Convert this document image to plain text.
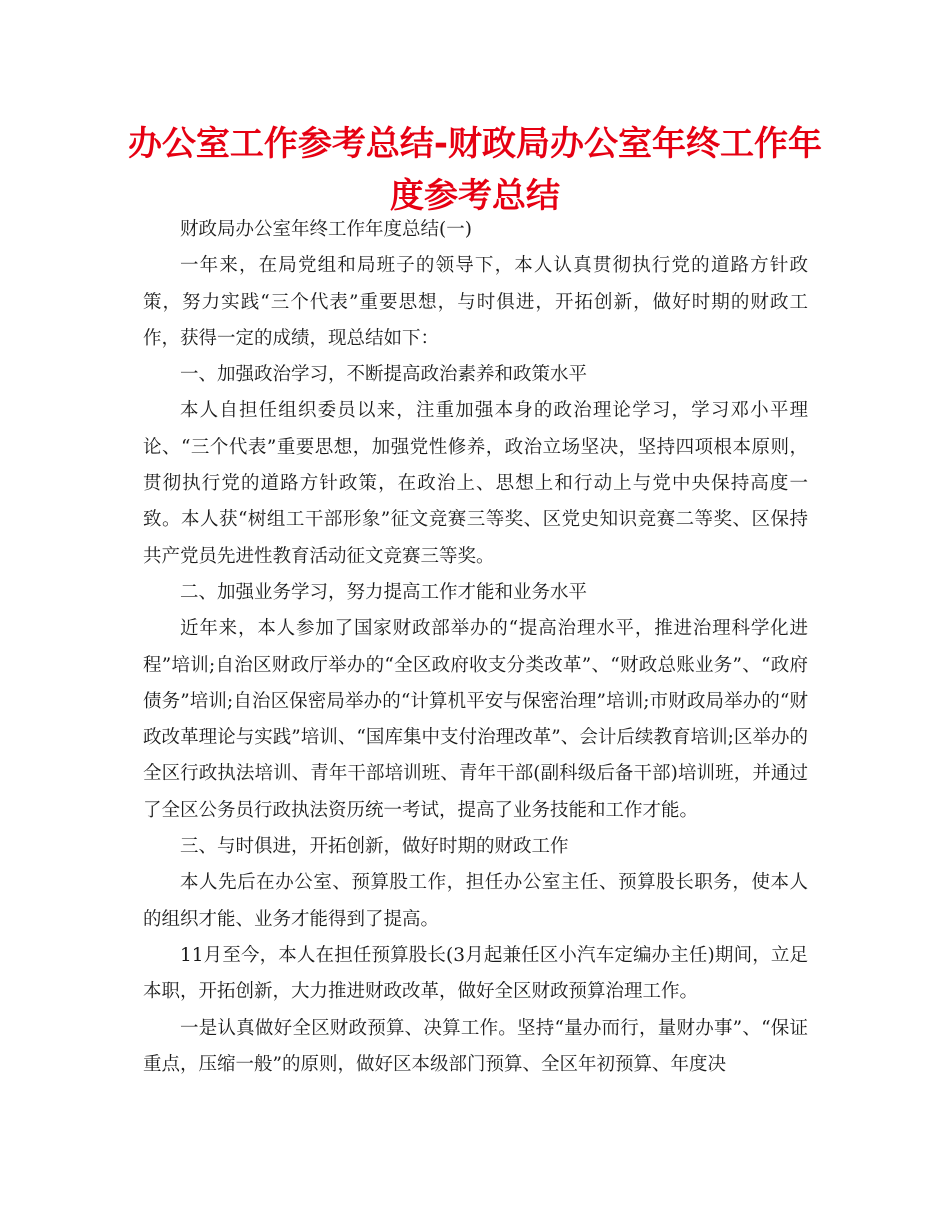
办公室工作参考总结-财政局办公室年终工作年度参考总结

财政局办公室年终工作年度总结(一)

一年来，在局党组和局班子的领导下，本人认真贯彻执行党的道路方针政策，努力实践“三个代表”重要思想，与时俱进，开拓创新，做好时期的财政工作，获得一定的成绩，现总结如下：

一、加强政治学习，不断提高政治素养和政策水平

本人自担任组织委员以来，注重加强本身的政治理论学习，学习邓小平理论、“三个代表”重要思想，加强党性修养，政治立场坚决，坚持四项根本原则，贯彻执行党的道路方针政策，在政治上、思想上和行动上与党中央保持高度一致。本人获“树组工干部形象”征文竞赛三等奖、区党史知识竞赛二等奖、区保持共产党员先进性教育活动征文竞赛三等奖。

二、加强业务学习，努力提高工作才能和业务水平

近年来，本人参加了国家财政部举办的“提高治理水平，推进治理科学化进程”培训;自治区财政厅举办的“全区政府收支分类改革”、“财政总账业务”、“政府债务”培训;自治区保密局举办的“计算机平安与保密治理”培训;市财政局举办的“财政改革理论与实践”培训、“国库集中支付治理改革”、会计后续教育培训;区举办的全区行政执法培训、青年干部培训班、青年干部(副科级后备干部)培训班，并通过了全区公务员行政执法资历统一考试，提高了业务技能和工作才能。

三、与时俱进，开拓创新，做好时期的财政工作

本人先后在办公室、预算股工作，担任办公室主任、预算股长职务，使本人的组织才能、业务才能得到了提高。

11月至今，本人在担任预算股长(3月起兼任区小汽车定编办主任)期间，立足本职，开拓创新，大力推进财政改革，做好全区财政预算治理工作。

一是认真做好全区财政预算、决算工作。坚持“量办而行，量财办事”、“保证重点，压缩一般”的原则，做好区本级部门预算、全区年初预算、年度决
